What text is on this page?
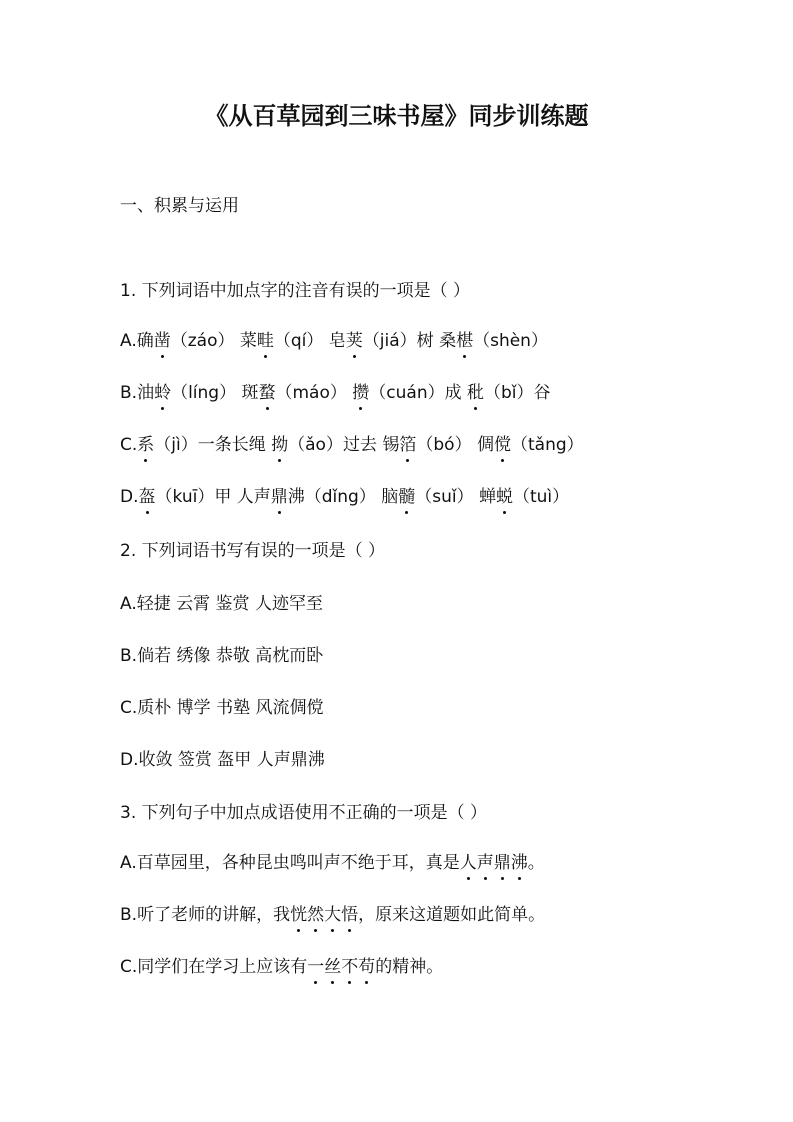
《从百草园到三味书屋》同步训练题
一、积累与运用
1. 下列词语中加点字的注音有误的一项是（ ）
A.确凿（záo） 菜畦（qí） 皂荚（jiá）树 桑椹（shèn）
B.油蛉（líng） 斑蝥（máo） 攒（cuán）成 秕（bǐ）谷
C.系（jì）一条长绳 拗（ǎo）过去 锡箔（bó） 倜傥（tǎng）
D.盔（kuī）甲 人声鼎沸（dǐng） 脑髓（suǐ） 蝉蜕（tuì）
2. 下列词语书写有误的一项是（ ）
A.轻捷 云霄 鉴赏 人迹罕至
B.倘若 绣像 恭敬 高枕而卧
C.质朴 博学 书塾 风流倜傥
D.收敛 签赏 盔甲 人声鼎沸
3. 下列句子中加点成语使用不正确的一项是（ ）
A.百草园里，各种昆虫鸣叫声不绝于耳，真是人声鼎沸。
B.听了老师的讲解，我恍然大悟，原来这道题如此简单。
C.同学们在学习上应该有一丝不苟的精神。
